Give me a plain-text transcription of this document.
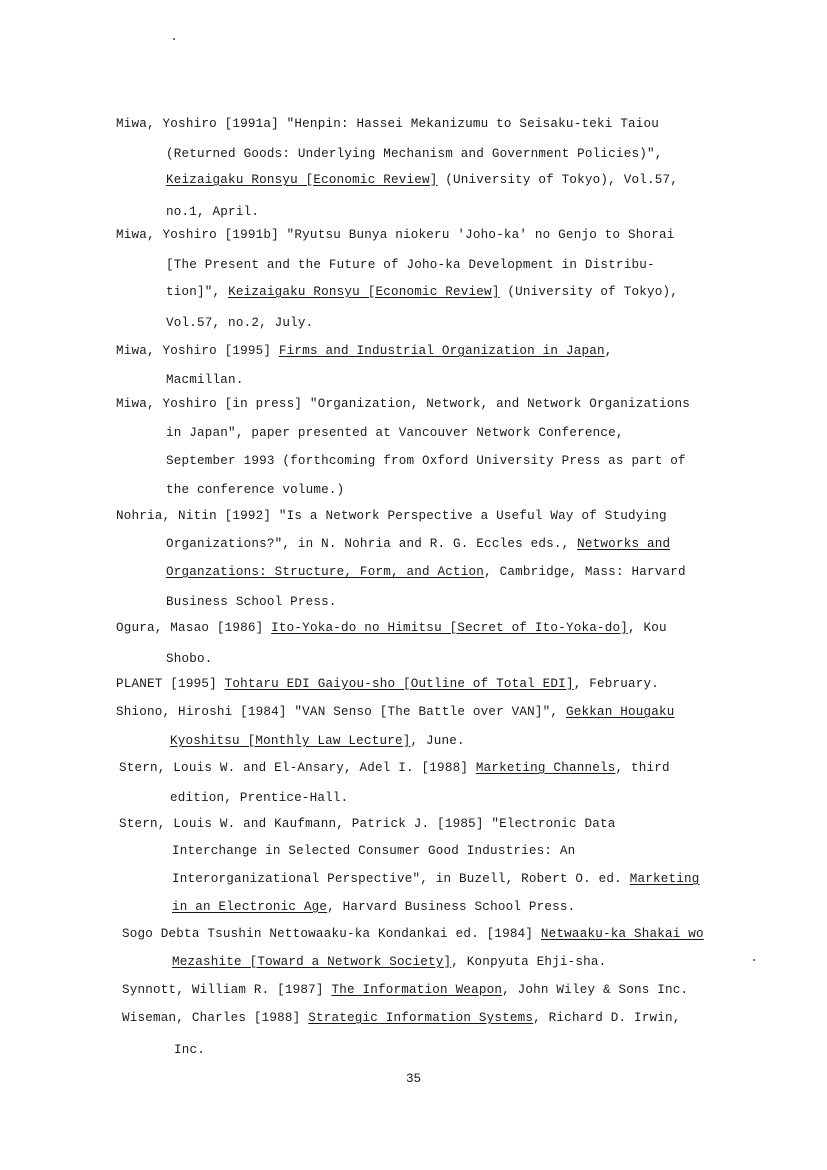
Miwa, Yoshiro [1991a] "Henpin: Hassei Mekanizumu to Seisaku-teki Taiou
(Returned Goods: Underlying Mechanism and Government Policies)",
Keizaigaku Ronsyu [Economic Review] (University of Tokyo), Vol.57,
no.1, April.
Miwa, Yoshiro [1991b] "Ryutsu Bunya niokeru 'Joho-ka' no Genjo to Shorai
[The Present and the Future of Joho-ka Development in Distribu-
tion]", Keizaigaku Ronsyu [Economic Review] (University of Tokyo),
Vol.57, no.2, July.
Miwa, Yoshiro [1995] Firms and Industrial Organization in Japan,
Macmillan.
Miwa, Yoshiro [in press] "Organization, Network, and Network Organizations
in Japan", paper presented at Vancouver Network Conference,
September 1993 (forthcoming from Oxford University Press as part of
the conference volume.)
Nohria, Nitin [1992] "Is a Network Perspective a Useful Way of Studying
Organizations?", in N. Nohria and R. G. Eccles eds., Networks and
Organzations: Structure, Form, and Action, Cambridge, Mass: Harvard
Business School Press.
Ogura, Masao [1986] Ito-Yoka-do no Himitsu [Secret of Ito-Yoka-do], Kou
Shobo.
PLANET [1995] Tohtaru EDI Gaiyou-sho [Outline of Total EDI], February.
Shiono, Hiroshi [1984] "VAN Senso [The Battle over VAN]", Gekkan Hougaku
Kyoshitsu [Monthly Law Lecture], June.
Stern, Louis W. and El-Ansary, Adel I. [1988] Marketing Channels, third
edition, Prentice-Hall.
Stern, Louis W. and Kaufmann, Patrick J. [1985] "Electronic Data
Interchange in Selected Consumer Good Industries: An
Interorganizational Perspective", in Buzell, Robert O. ed. Marketing
in an Electronic Age, Harvard Business School Press.
Sogo Debta Tsushin Nettowaaku-ka Kondankai ed. [1984] Netwaaku-ka Shakai wo
Mezashite [Toward a Network Society], Konpyuta Ehji-sha.
Synnott, William R. [1987] The Information Weapon, John Wiley & Sons Inc.
Wiseman, Charles [1988] Strategic Information Systems, Richard D. Irwin,
Inc.
35
